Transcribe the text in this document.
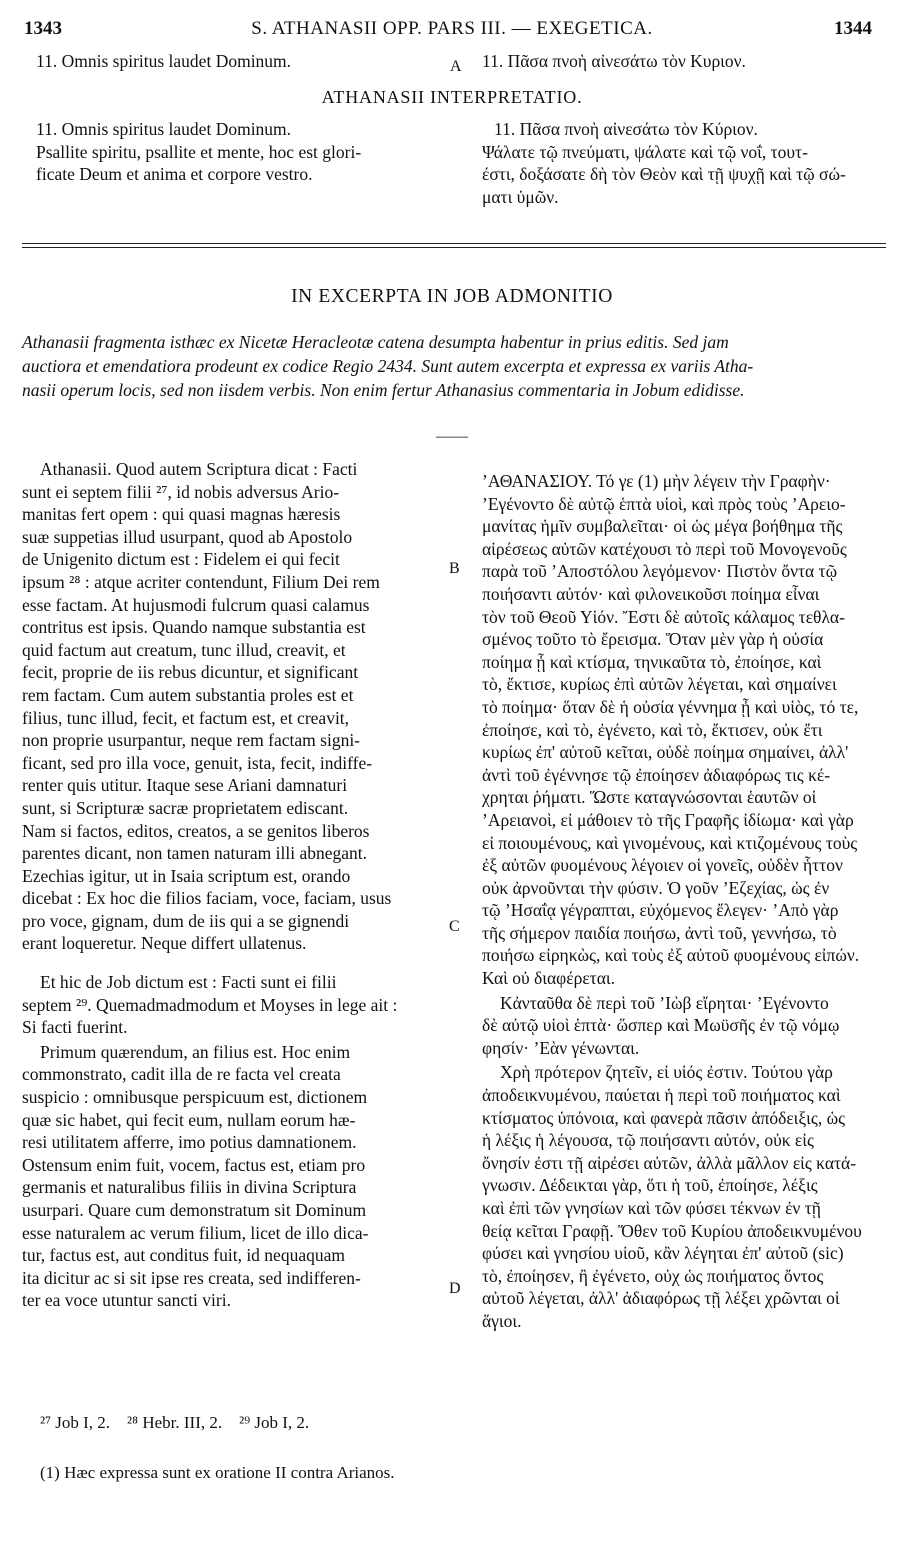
1343	S. ATHANASII OPP. PARS III. — EXEGETICA.	1344

11. Omnis spiritus laudet Dominum.	A 11. Πᾶσα πνοὴ αἰνεσάτω τὸν Κυριον.

ATHANASII INTERPRETATIO.

11. Omnis spiritus laudet Dominum.

Psallite spiritu, psallite et mente, hoc est glori-

ficate Deum et anima et corpore vestro.

11. Πᾶσα πνοὴ αἰνεσάτω τὸν Κύριον.

Ψάλατε τῷ πνεύματι, ψάλατε καὶ τῷ νοΐ, τουτ-

έστι, δοξάσατε δὴ τὸν Θεὸν καὶ τῇ ψυχῇ καὶ τῷ σώ-

ματι ὑμῶν.

IN EXCERPTA IN JOB ADMONITIO

Athanasii fragmenta isthæc ex Nicetæ Heracleotæ catena desumpta habentur in prius editis. Sed jam

auctiora et emendatiora prodeunt ex codice Regio 2434. Sunt autem excerpta et expressa ex variis Atha-

nasii operum locis, sed non iisdem verbis. Non enim fertur Athanasius commentaria in Jobum edidisse.

——

Athanasii. Quod autem Scriptura dicat : Facti

sunt ei septem filii ²⁷, id nobis adversus Ario-

manitas fert opem : qui quasi magnas hæresis

suæ suppetias illud usurpant, quod ab Apostolo

de Unigenito dictum est : Fidelem ei qui fecit

ipsum ²⁸ : atque acriter contendunt, Filium Dei rem

esse factam. At hujusmodi fulcrum quasi calamus

contritus est ipsis. Quando namque substantia est

quid factum aut creatum, tunc illud, creavit, et

fecit, proprie de iis rebus dicuntur, et significant

rem factam. Cum autem substantia proles est et

filius, tunc illud, fecit, et factum est, et creavit,

non proprie usurpantur, neque rem factam signi-

ficant, sed pro illa voce, genuit, ista, fecit, indiffe-

renter quis utitur. Itaque sese Ariani damnaturi

sunt, si Scripturæ sacræ proprietatem ediscant.

Nam si factos, editos, creatos, a se genitos liberos

parentes dicant, non tamen naturam illi abnegant.

Ezechias igitur, ut in Isaia scriptum est, orando

dicebat : Ex hoc die filios faciam, voce, faciam, usus

pro voce, gignam, dum de iis qui a se gignendi

erant loqueretur. Neque differt ullatenus.

Et hic de Job dictum est : Facti sunt ei filii

septem ²⁹. Quemadmadmodum et Moyses in lege ait :

Si facti fuerint.

Primum quærendum, an filius est. Hoc enim

commonstrato, cadit illa de re facta vel creata

suspicio : omnibusque perspicuum est, dictionem

quæ sic habet, qui fecit eum, nullam eorum hæ-

resi utilitatem afferre, imo potius damnationem.

Ostensum enim fuit, vocem, factus est, etiam pro

germanis et naturalibus filiis in divina Scriptura

usurpari. Quare cum demonstratum sit Dominum

esse naturalem ac verum filium, licet de illo dica-

tur, factus est, aut conditus fuit, id nequaquam

ita dicitur ac si sit ipse res creata, sed indifferen-

ter ea voce utuntur sancti viri.

B
C
D

ʼΑΘΑΝΑΣΙΟΥ. Τό γε (1) μὴν λέγειν τὴν Γραφὴν·

ʼΕγένοντο δὲ αὐτῷ ἑπτὰ υἱοὶ, καὶ πρὸς τοὺς ʼΑρειο-

μανίτας ἡμῖν συμβαλεῖται· οἱ ὡς μέγα βοήθημα τῆς

αἱρέσεως αὐτῶν κατέχουσι τὸ περὶ τοῦ Μονογενοῦς

παρὰ τοῦ ʼΑποστόλου λεγόμενον· Πιστὸν ὄντα τῷ

ποιήσαντι αὐτόν· καὶ φιλονεικοῦσι ποίημα εἶναι

τὸν τοῦ Θεοῦ Υἱόν. Ἔστι δὲ αὐτοῖς κάλαμος τεθλα-

σμένος τοῦτο τὸ ἔρεισμα. Ὅταν μὲν γὰρ ἡ οὐσία

ποίημα ᾖ καὶ κτίσμα, τηνικαῦτα τὸ, ἐποίησε, καὶ

τὸ, ἔκτισε, κυρίως ἐπὶ αὐτῶν λέγεται, καὶ σημαίνει

τὸ ποίημα· ὅταν δὲ ἡ οὐσία γέννημα ᾖ καὶ υἱὸς, τό τε,

ἐποίησε, καὶ τὸ, ἐγένετο, καὶ τὸ, ἔκτισεν, οὐκ ἔτι

κυρίως ἐπ' αὐτοῦ κεῖται, οὐδὲ ποίημα σημαίνει, ἀλλ'

ἀντὶ τοῦ ἐγέννησε τῷ ἐποίησεν ἀδιαφόρως τις κέ-

χρηται ῥήματι. Ὥστε καταγνώσονται ἑαυτῶν οἱ

ʼΑρειανοὶ, εἰ μάθοιεν τὸ τῆς Γραφῆς ἰδίωμα· καὶ γὰρ

εἰ ποιουμένους, καὶ γινομένους, καὶ κτιζομένους τοὺς

ἐξ αὐτῶν φυομένους λέγοιεν οἱ γονεῖς, οὐδὲν ἧττον

οὐκ ἀρνοῦνται τὴν φύσιν. Ὁ γοῦν ʼΕζεχίας, ὡς ἐν

τῷ ʼΗσαΐᾳ γέγραπται, εὐχόμενος ἔλεγεν· ʼΑπὸ γὰρ

τῆς σήμερον παιδία ποιήσω, ἀντὶ τοῦ, γεννήσω, τὸ

ποιήσω εἰρηκὼς, καὶ τοὺς ἐξ αὐτοῦ φυομένους εἰπών.

Καὶ οὐ διαφέρεται.

Κἀνταῦθα δὲ περὶ τοῦ ʼΙὼβ εἴρηται· ʼΕγένοντο

δὲ αὐτῷ υἱοὶ ἑπτὰ· ὥσπερ καὶ Μωϋσῆς ἐν τῷ νόμῳ

φησίν· ʼΕὰν γένωνται.

Χρὴ πρότερον ζητεῖν, εἰ υἱός ἐστιν. Τούτου γὰρ

ἀποδεικνυμένου, παύεται ἡ περὶ τοῦ ποιήματος καὶ

κτίσματος ὑπόνοια, καὶ φανερὰ πᾶσιν ἀπόδειξις, ὡς

ἡ λέξις ἡ λέγουσα, τῷ ποιήσαντι αὐτόν, οὐκ εἰς

ὄνησίν ἐστι τῇ αἱρέσει αὐτῶν, ἀλλὰ μᾶλλον εἰς κατά-

γνωσιν. Δέδεικται γὰρ, ὅτι ἡ τοῦ, ἐποίησε, λέξις

καὶ ἐπὶ τῶν γνησίων καὶ τῶν φύσει τέκνων ἐν τῇ

θείᾳ κεῖται Γραφῇ. Ὅθεν τοῦ Κυρίου ἀποδεικνυμένου

φύσει καὶ γνησίου υἱοῦ, κἂν λέγηται ἐπ' αὐτοῦ (sic)

τὸ, ἐποίησεν, ἢ ἐγένετο, οὐχ ὡς ποιήματος ὄντος

αὐτοῦ λέγεται, ἀλλ' ἀδιαφόρως τῇ λέξει χρῶνται οἱ

ἅγιοι.

²⁷ Job I, 2.    ²⁸ Hebr. III, 2.    ²⁹ Job I, 2.

(1) Hæc expressa sunt ex oratione II contra Arianos.
